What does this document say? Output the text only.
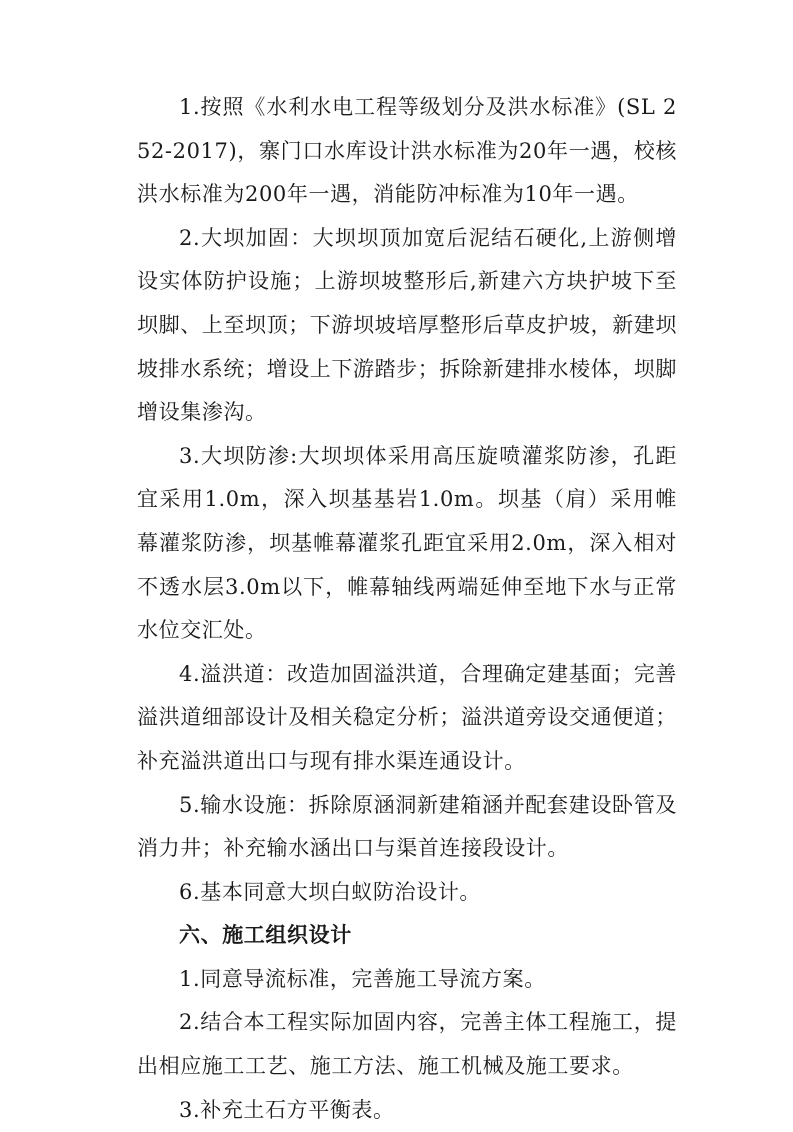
1.按照《水利水电工程等级划分及洪水标准》(SL 252-2017)，寨门口水库设计洪水标准为20年一遇，校核洪水标准为200年一遇，消能防冲标准为10年一遇。

2.大坝加固：大坝坝顶加宽后泥结石硬化,上游侧增设实体防护设施；上游坝坡整形后,新建六方块护坡下至坝脚、上至坝顶；下游坝坡培厚整形后草皮护坡，新建坝坡排水系统；增设上下游踏步；拆除新建排水棱体，坝脚增设集渗沟。

3.大坝防渗:大坝坝体采用高压旋喷灌浆防渗，孔距宜采用1.0m，深入坝基基岩1.0m。坝基（肩）采用帷幕灌浆防渗，坝基帷幕灌浆孔距宜采用2.0m，深入相对不透水层3.0m以下，帷幕轴线两端延伸至地下水与正常水位交汇处。

4.溢洪道：改造加固溢洪道，合理确定建基面；完善溢洪道细部设计及相关稳定分析；溢洪道旁设交通便道；补充溢洪道出口与现有排水渠连通设计。

5.输水设施：拆除原涵洞新建箱涵并配套建设卧管及消力井；补充输水涵出口与渠首连接段设计。

6.基本同意大坝白蚁防治设计。

六、施工组织设计

1.同意导流标准，完善施工导流方案。

2.结合本工程实际加固内容，完善主体工程施工，提出相应施工工艺、施工方法、施工机械及施工要求。

3.补充土石方平衡表。
